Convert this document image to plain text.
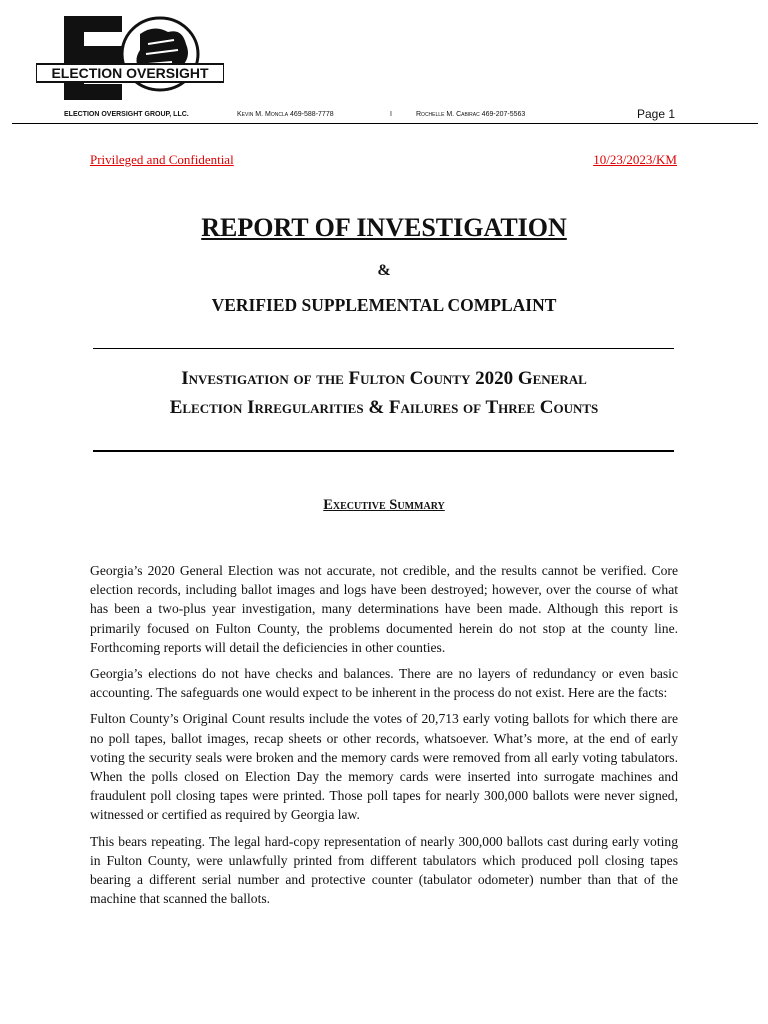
ELECTION OVERSIGHT
ELECTION OVERSIGHT GROUP, LLC.	Kevin M. Moncla 469-588-7778	I	Rochelle M. Cabirac 469-207-5563	Page 1
Privileged and Confidential	10/23/2023/KM
REPORT OF INVESTIGATION
&
VERIFIED SUPPLEMENTAL COMPLAINT
Investigation of the Fulton County 2020 General
Election Irregularities & Failures of Three Counts
Executive Summary

Georgia’s 2020 General Election was not accurate, not credible, and the results cannot be verified. Core election records, including ballot images and logs have been destroyed; however, over the course of what has been a two-plus year investigation, many determinations have been made. Although this report is primarily focused on Fulton County, the problems documented herein do not stop at the county line. Forthcoming reports will detail the deficiencies in other counties.

Georgia’s elections do not have checks and balances. There are no layers of redundancy or even basic accounting. The safeguards one would expect to be inherent in the process do not exist. Here are the facts:

Fulton County’s Original Count results include the votes of 20,713 early voting ballots for which there are no poll tapes, ballot images, recap sheets or other records, whatsoever. What’s more, at the end of early voting the security seals were broken and the memory cards were removed from all early voting tabulators. When the polls closed on Election Day the memory cards were inserted into surrogate machines and fraudulent poll closing tapes were printed. Those poll tapes for nearly 300,000 ballots were never signed, witnessed or certified as required by Georgia law.

This bears repeating. The legal hard-copy representation of nearly 300,000 ballots cast during early voting in Fulton County, were unlawfully printed from different tabulators which produced poll closing tapes bearing a different serial number and protective counter (tabulator odometer) number than that of the machine that scanned the ballots.
